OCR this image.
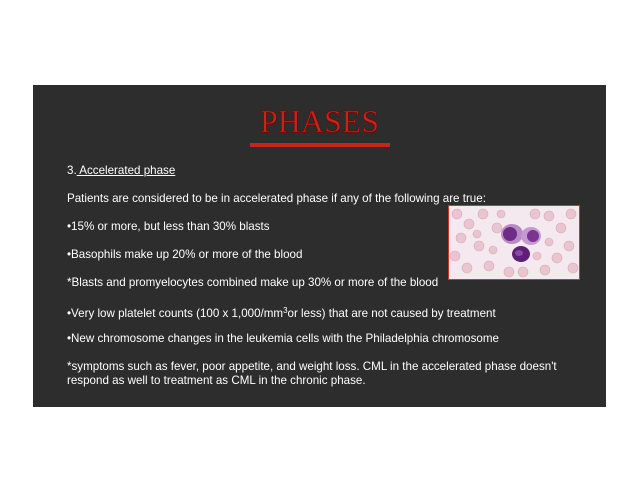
PHASES
3. Accelerated phase
Patients are considered to be in accelerated phase if any of the following are true:
•15% or more, but less than 30% blasts
•Basophils make up 20% or more of the blood
*Blasts and promyelocytes combined make up 30% or more of the blood
•Very low platelet counts (100 x $1,000/mm^3or$ less) that are not caused by treatment
•New chromosome changes in the leukemia cells with the Philadelphia chromosome
*symptoms such as fever, poor appetite, and weight loss. CML in the accelerated phase doesn't respond as well to treatment as CML in the chronic phase.
